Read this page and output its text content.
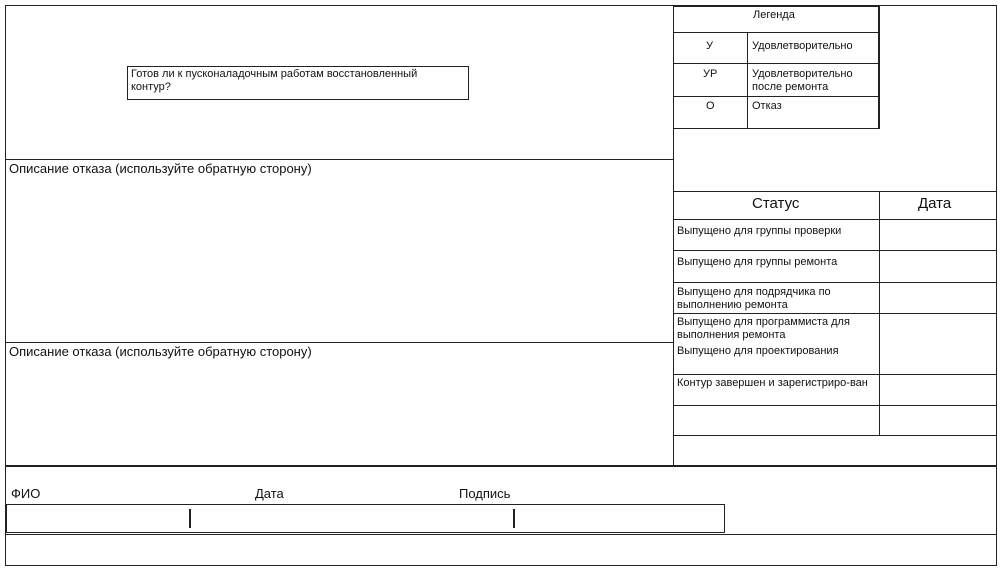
Готов ли к пусконаладочным работам восстановленный контур?
Описание отказа (используйте обратную сторону)
Описание отказа (используйте обратную сторону)
Легенда
У	Удовлетворительно
УР	Удовлетворительно после ремонта
О	Отказ
Статус	Дата
Выпущено для группы проверки
Выпущено для группы ремонта
Выпущено для подрядчика по выполнению ремонта
Выпущено для программиста для выполнения ремонта
Выпущено для проектирования
Контур завершен и зарегистриро-ван
ФИО	Дата	Подпись
